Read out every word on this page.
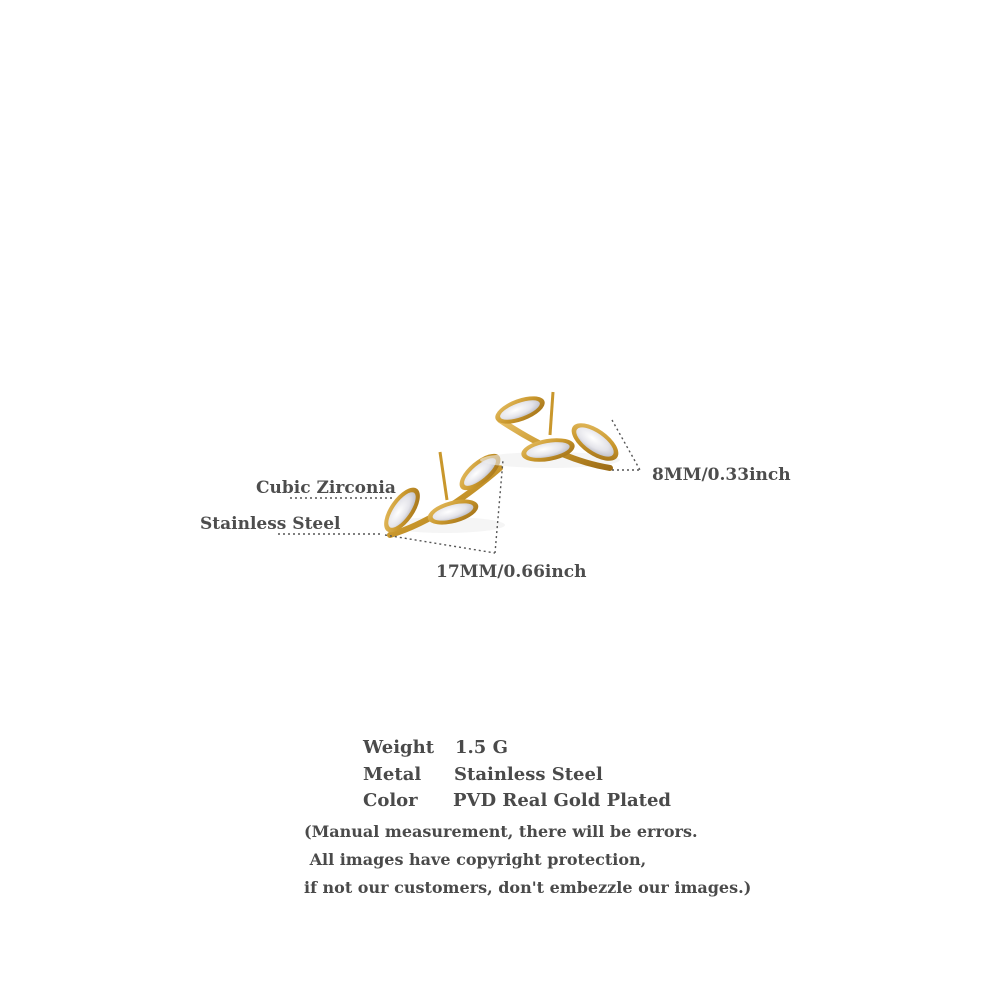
Cubic Zirconia
Stainless Steel
8MM/0.33inch
17MM/0.66inch
Weight 1.5 G
Metal Stainless Steel
Color PVD Real Gold Plated
(Manual measurement, there will be errors.
All images have copyright protection,
if not our customers, don't embezzle our images.)
